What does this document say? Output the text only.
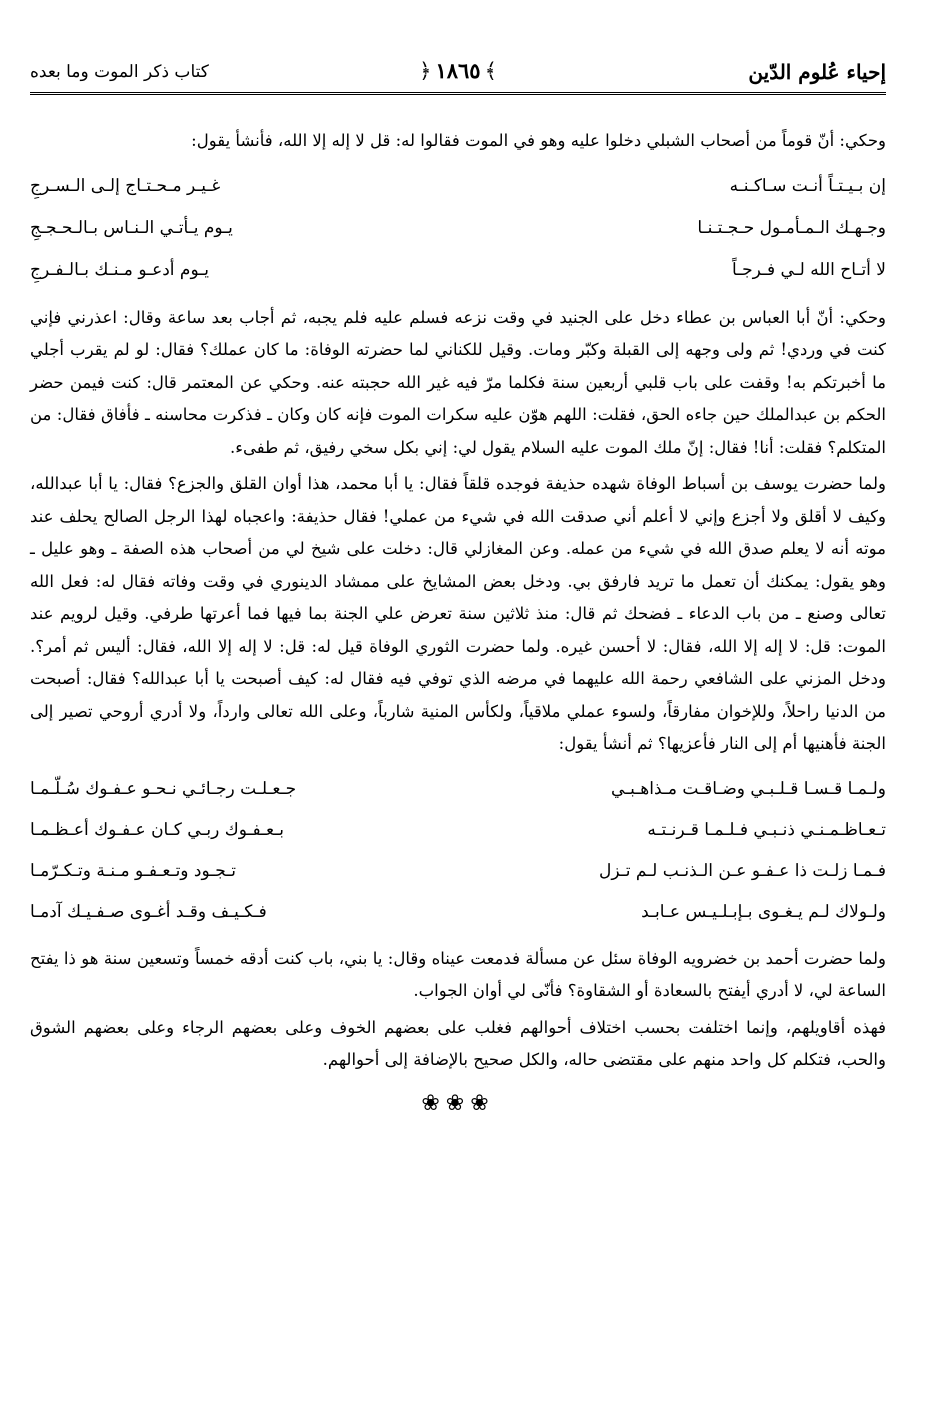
إحياء عُلوم الدّين
﴾١٨٦٥﴿
كتاب ذكر الموت وما بعده

وحكي: أنّ قوماً من أصحاب الشبلي دخلوا عليه وهو في الموت فقالوا له: قل لا إله إلا الله، فأنشأ يقول:

إن بـيـتـاً أنـت سـاكـنـه
غـيـر مـحـتـاج إلـى الـسـرجِ
وجـهـك الـمـأمـول حـجـتـنـا
يـوم يـأتـي الـنـاس بـالـحـجـجِ
لا أتـاح الله لـي فـرجـاً
يـوم أدعـو مـنـك بـالـفـرجِ

وحكي: أنّ أبا العباس بن عطاء دخل على الجنيد في وقت نزعه فسلم عليه فلم يجبه، ثم أجاب بعد ساعة وقال: اعذرني فإني كنت في وردي! ثم ولى وجهه إلى القبلة وكبّر ومات. وقيل للكناني لما حضرته الوفاة: ما كان عملك؟ فقال: لو لم يقرب أجلي ما أخبرتكم به! وقفت على باب قلبي أربعين سنة فكلما مرّ فيه غير الله حجبته عنه. وحكي عن المعتمر قال: كنت فيمن حضر الحكم بن عبدالملك حين جاءه الحق، فقلت: اللهم هوّن عليه سكرات الموت فإنه كان وكان ـ فذكرت محاسنه ـ فأفاق فقال: من المتكلم؟ فقلت: أنا! فقال: إنّ ملك الموت عليه السلام يقول لي: إني بكل سخي رفيق، ثم طفىء.

ولما حضرت يوسف بن أسباط الوفاة شهده حذيفة فوجده قلقاً فقال: يا أبا محمد، هذا أوان القلق والجزع؟ فقال: يا أبا عبدالله، وكيف لا أقلق ولا أجزع وإني لا أعلم أني صدقت الله في شيء من عملي! فقال حذيفة: واعجباه لهذا الرجل الصالح يحلف عند موته أنه لا يعلم صدق الله في شيء من عمله. وعن المغازلي قال: دخلت على شيخ لي من أصحاب هذه الصفة ـ وهو عليل ـ وهو يقول: يمكنك أن تعمل ما تريد فارفق بي. ودخل بعض المشايخ على ممشاد الدينوري في وقت وفاته فقال له: فعل الله تعالى وصنع ـ من باب الدعاء ـ فضحك ثم قال: منذ ثلاثين سنة تعرض علي الجنة بما فيها فما أعرتها طرفي. وقيل لرويم عند الموت: قل: لا إله إلا الله، فقال: لا أحسن غيره. ولما حضرت الثوري الوفاة قيل له: قل: لا إله إلا الله، فقال: أليس ثم أمر؟. ودخل المزني على الشافعي رحمة الله عليهما في مرضه الذي توفي فيه فقال له: كيف أصبحت يا أبا عبدالله؟ فقال: أصبحت من الدنيا راحلاً، وللإخوان مفارقاً، ولسوء عملي ملاقياً، ولكأس المنية شارباً، وعلى الله تعالى وارداً، ولا أدري أروحي تصير إلى الجنة فأهنيها أم إلى النار فأعزيها؟ ثم أنشأ يقول:

ولـمـا قـسـا قـلـبـي وضـاقـت مـذاهـبـي
جـعـلـت رجـائـي نـحـو عـفـوك سُـلّـمـا
تـعـاظـمـنـي ذنـبـي فـلـمـا قـرنـتـه
بـعـفـوك ربـي كـان عـفـوك أعـظـمـا
فـمـا زلـت ذا عـفـو عـن الـذنـب لـم تـزل
تـجـود وتـعـفـو مـنـة وتـكـرّمـا
ولـولاك لـم يـغـوى بـإبـلـيـس عـابـد
فـكـيـف وقـد أغـوى صـفـيـك آدمـا

ولما حضرت أحمد بن خضرويه الوفاة سئل عن مسألة فدمعت عيناه وقال: يا بني، باب كنت أدقه خمساً وتسعين سنة هو ذا يفتح الساعة لي، لا أدري أيفتح بالسعادة أو الشقاوة؟ فأنّى لي أوان الجواب.

فهذه أقاويلهم، وإنما اختلفت بحسب اختلاف أحوالهم فغلب على بعضهم الخوف وعلى بعضهم الرجاء وعلى بعضهم الشوق والحب، فتكلم كل واحد منهم على مقتضى حاله، والكل صحيح بالإضافة إلى أحوالهم.

❀❀❀
